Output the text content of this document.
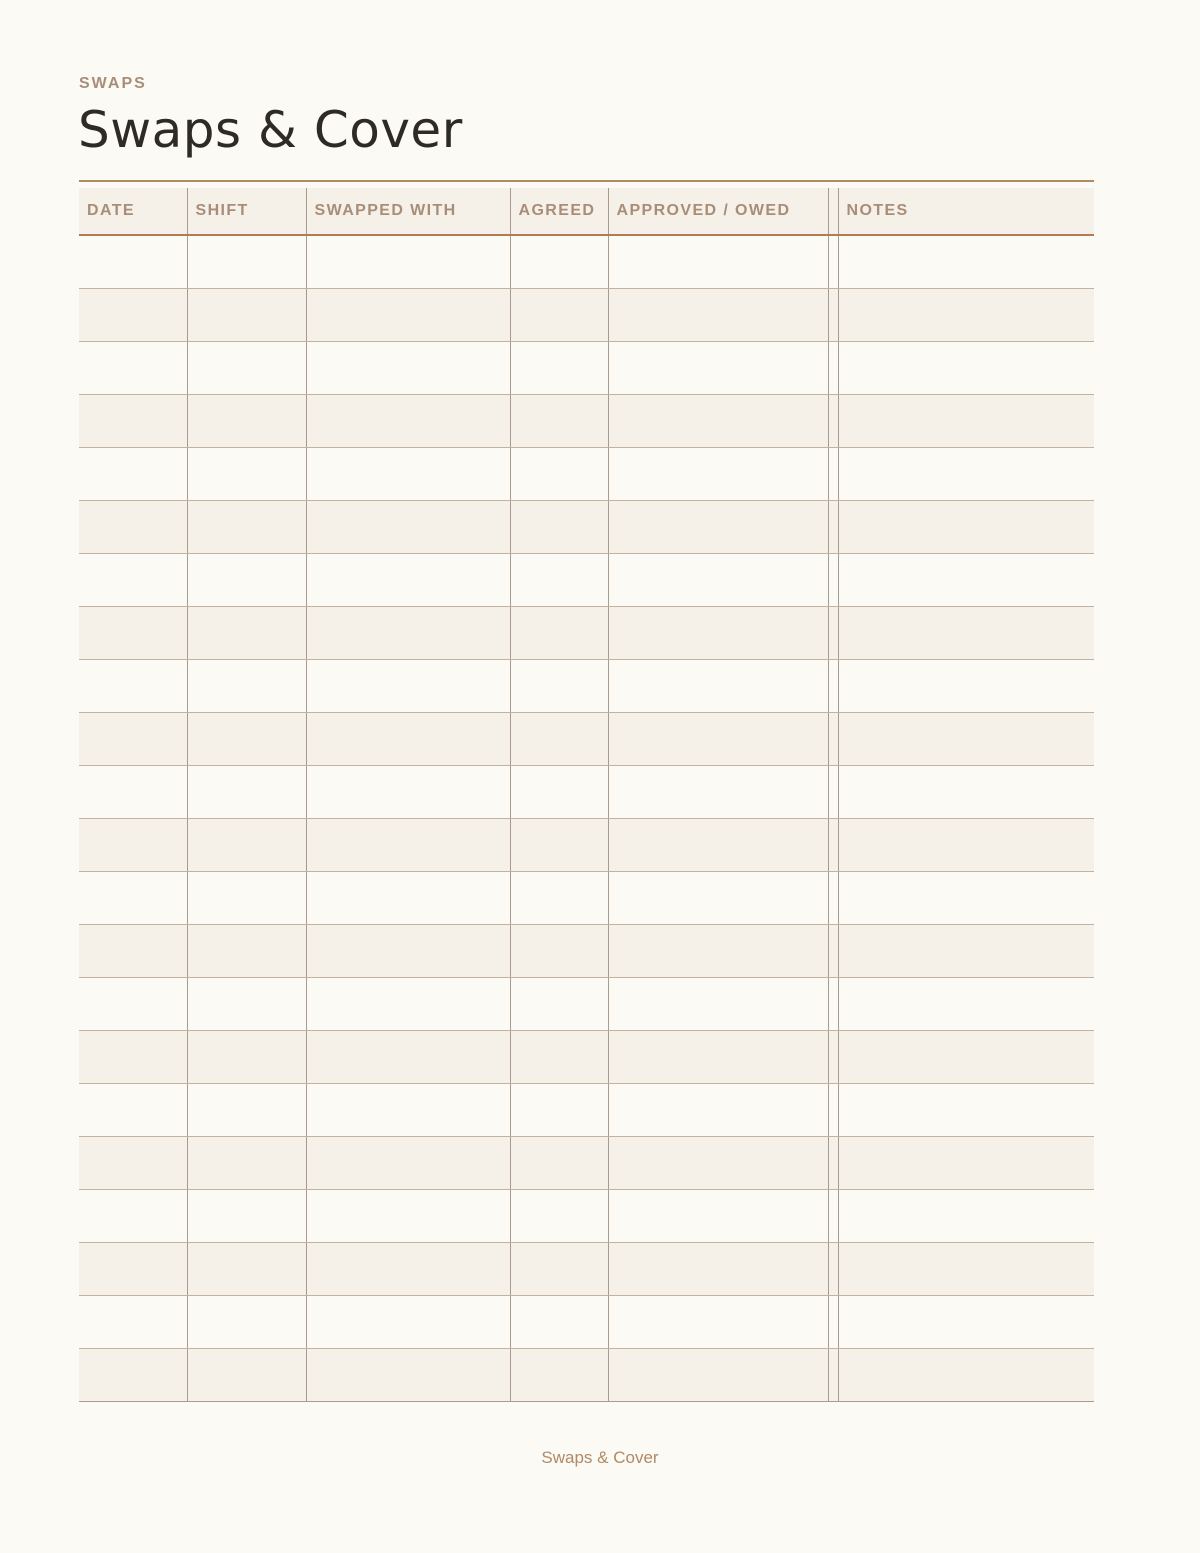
SWAPS
Swaps & Cover
DATE	SHIFT	SWAPPED WITH	AGREED	APPROVED / OWED		NOTES

Swaps & Cover
